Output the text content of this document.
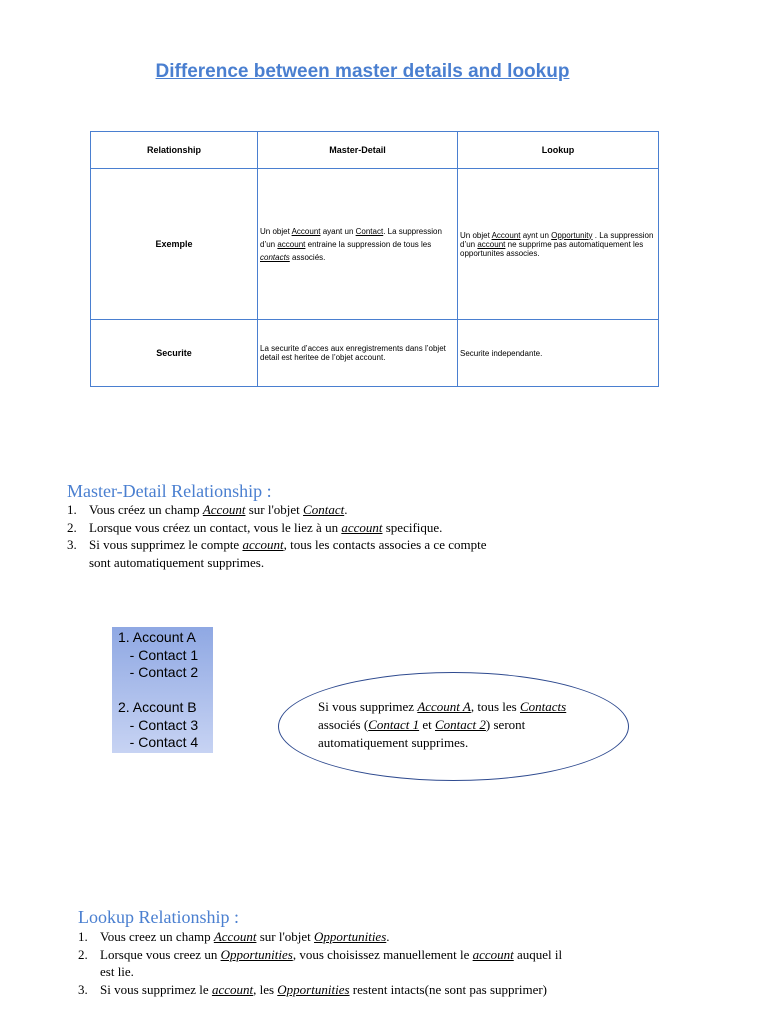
Difference between master details and lookup
Relationship	Master-Detail	Lookup
Exemple	Un objet Account ayant un Contact. La suppression d’un account entraine la suppression de tous les contacts associés.	Un objet Account aynt un Opportunity . La suppression d’un account ne supprime pas automatiquement les opportunites associes.
Securite	La securite d’acces aux enregistrements dans l’objet detail est heritee de l’objet account.	Securite independante.
Master-Detail Relationship :
1. Vous créez un champ Account sur l'objet Contact.
2. Lorsque vous créez un contact, vous le liez à un account specifique.
3. Si vous supprimez le compte account, tous les contacts associes a ce compte sont automatiquement supprimes.
1. Account A
- Contact 1
- Contact 2

2. Account B
- Contact 3
- Contact 4
Si vous supprimez Account A, tous les Contacts associés (Contact 1 et Contact 2) seront automatiquement supprimes.
Lookup Relationship :
1. Vous creez un champ Account sur l'objet Opportunities.
2. Lorsque vous creez un Opportunities, vous choisissez manuellement le account auquel il est lie.
3. Si vous supprimez le account, les Opportunities restent intacts(ne sont pas supprimer)
